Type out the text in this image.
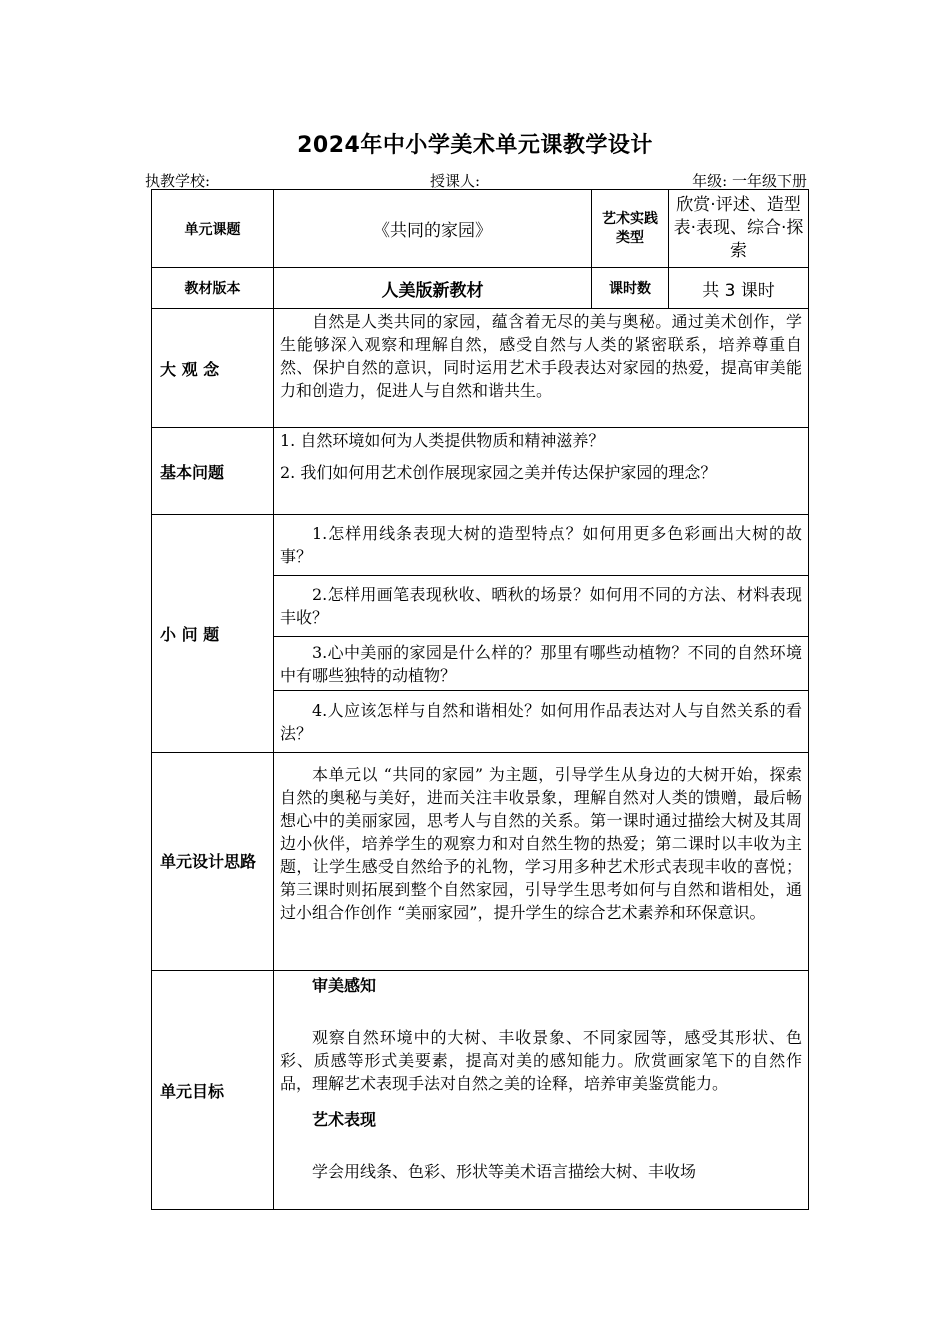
2024年中小学美术单元课教学设计
执教学校:	授课人:	年级: 一年级下册
单元课题	《共同的家园》	艺术实践类型	欣赏·评述、造型表·表现、综合·探索
教材版本	人美版新教材	课时数	共 3 课时
大 观 念	自然是人类共同的家园，蕴含着无尽的美与奥秘。通过美术创作，学生能够深入观察和理解自然，感受自然与人类的紧密联系，培养尊重自然、保护自然的意识，同时运用艺术手段表达对家园的热爱，提高审美能力和创造力，促进人与自然和谐共生。		

基本问题	1. 自然环境如何为人类提供物质和精神滋养？

2. 我们如何用艺术创作展现家园之美并传达保护家园的理念？		

小 问 题	1.怎样用线条表现大树的造型特点？如何用更多色彩画出大树的故事？		

	2.怎样用画笔表现秋收、晒秋的场景？如何用不同的方法、材料表现丰收？		

	3.心中美丽的家园是什么样的？那里有哪些动植物？不同的自然环境中有哪些独特的动植物？		

	4.人应该怎样与自然和谐相处？如何用作品表达对人与自然关系的看法？		

单元设计思路	本单元以 “共同的家园” 为主题，引导学生从身边的大树开始，探索自然的奥秘与美好，进而关注丰收景象，理解自然对人类的馈赠，最后畅想心中的美丽家园，思考人与自然的关系。第一课时通过描绘大树及其周边小伙伴，培养学生的观察力和对自然生物的热爱；第二课时以丰收为主题，让学生感受自然给予的礼物，学习用多种艺术形式表现丰收的喜悦；第三课时则拓展到整个自然家园，引导学生思考如何与自然和谐相处，通过小组合作创作 “美丽家园”，提升学生的综合艺术素养和环保意识。		

单元目标	审美感知

观察自然环境中的大树、丰收景象、不同家园等，感受其形状、色彩、质感等形式美要素，提高对美的感知能力。欣赏画家笔下的自然作品，理解艺术表现手法对自然之美的诠释，培养审美鉴赏能力。

艺术表现

学会用线条、色彩、形状等美术语言描绘大树、丰收场		
